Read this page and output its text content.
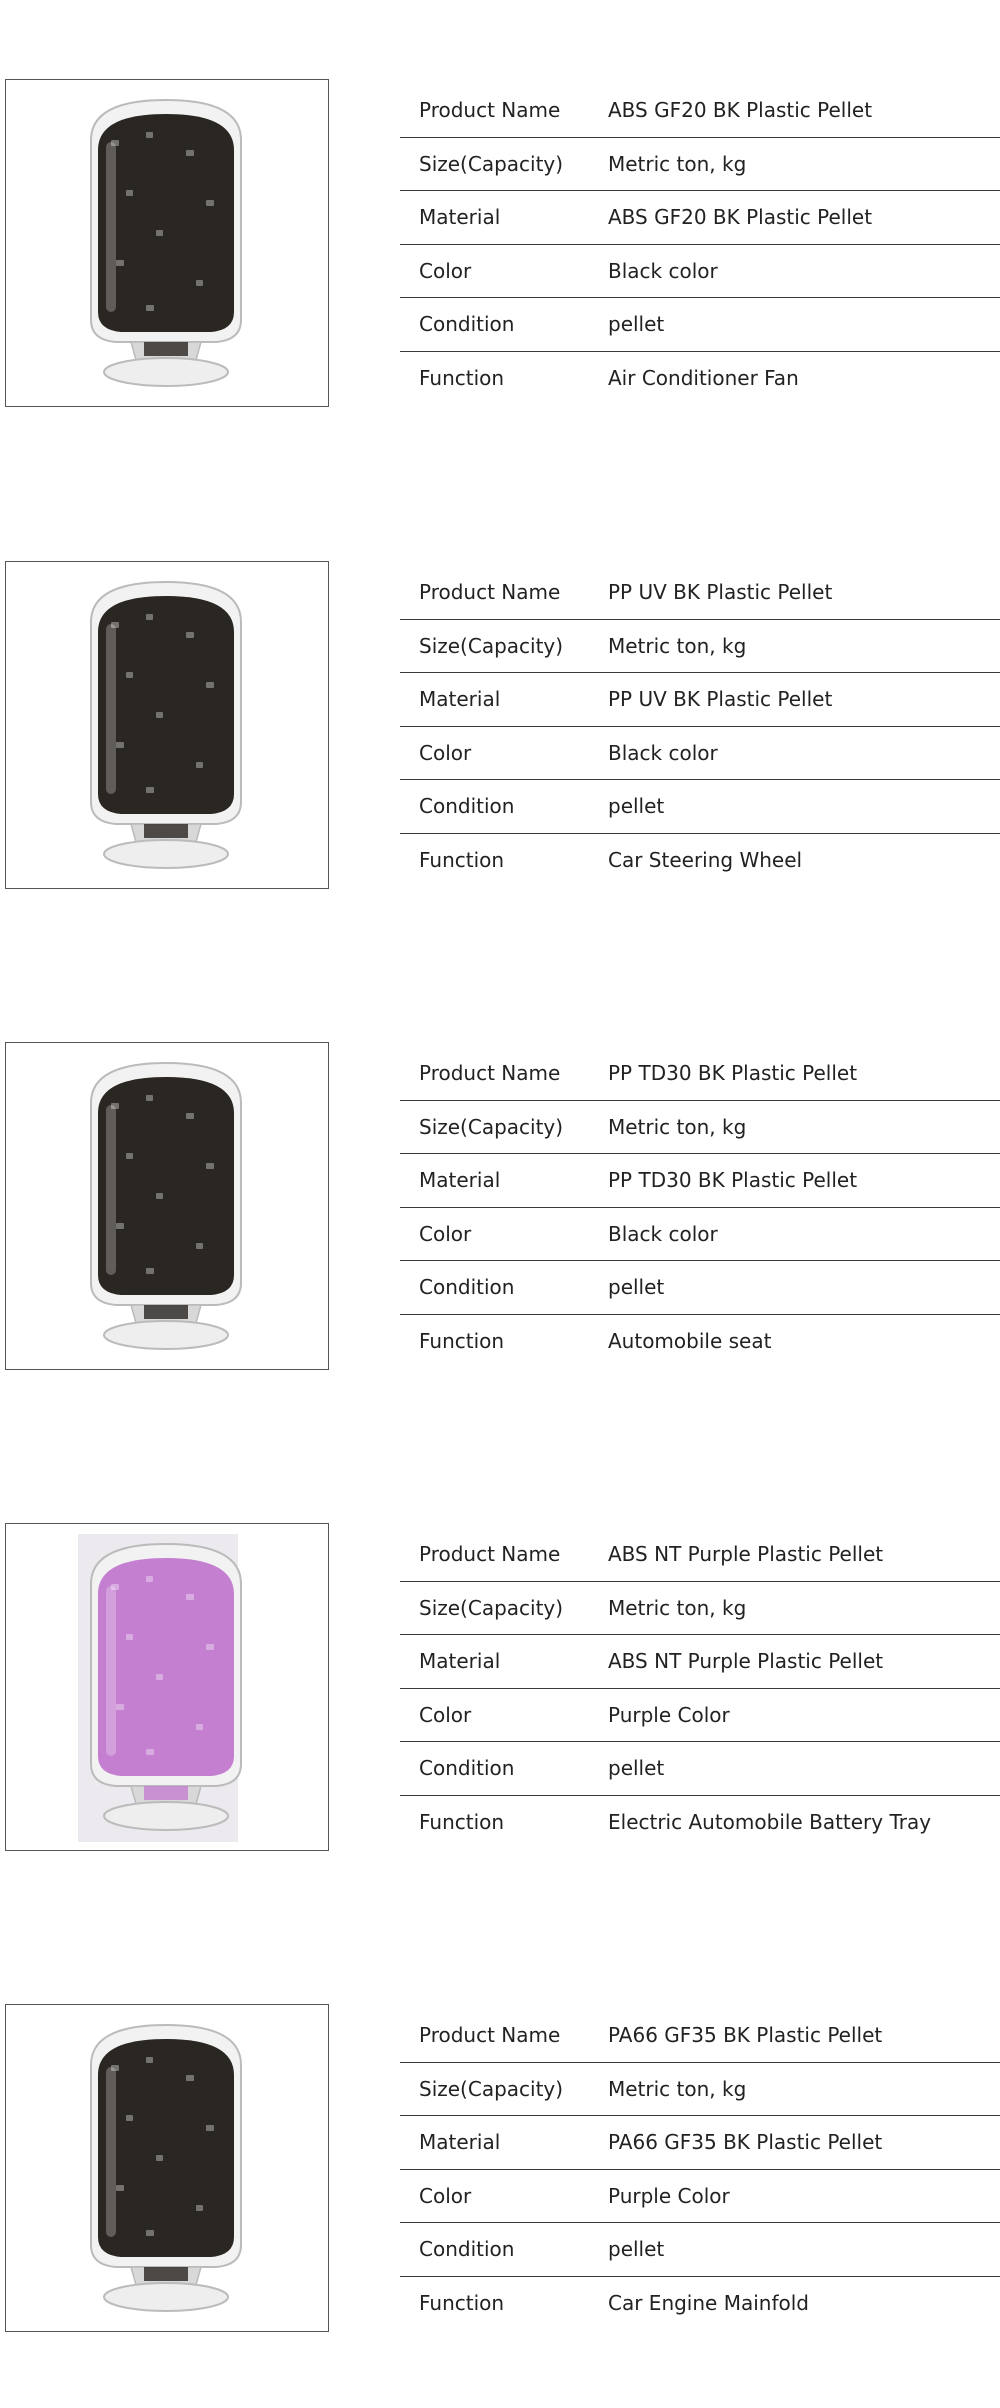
Product Name	ABS GF20 BK Plastic Pellet
Size(Capacity)	Metric ton, kg
Material	ABS GF20 BK Plastic Pellet
Color	Black color
Condition	pellet
Function	Air Conditioner Fan
Product Name	PP UV BK Plastic Pellet
Size(Capacity)	Metric ton, kg
Material	PP UV BK Plastic Pellet
Color	Black color
Condition	pellet
Function	Car Steering Wheel
Product Name	PP TD30 BK Plastic Pellet
Size(Capacity)	Metric ton, kg
Material	PP TD30 BK Plastic Pellet
Color	Black color
Condition	pellet
Function	Automobile seat
Product Name	ABS NT Purple Plastic Pellet
Size(Capacity)	Metric ton, kg
Material	ABS NT Purple Plastic Pellet
Color	Purple Color
Condition	pellet
Function	Electric Automobile Battery Tray
Product Name	PA66 GF35 BK Plastic Pellet
Size(Capacity)	Metric ton, kg
Material	PA66 GF35 BK Plastic Pellet
Color	Purple Color
Condition	pellet
Function	Car Engine Mainfold
